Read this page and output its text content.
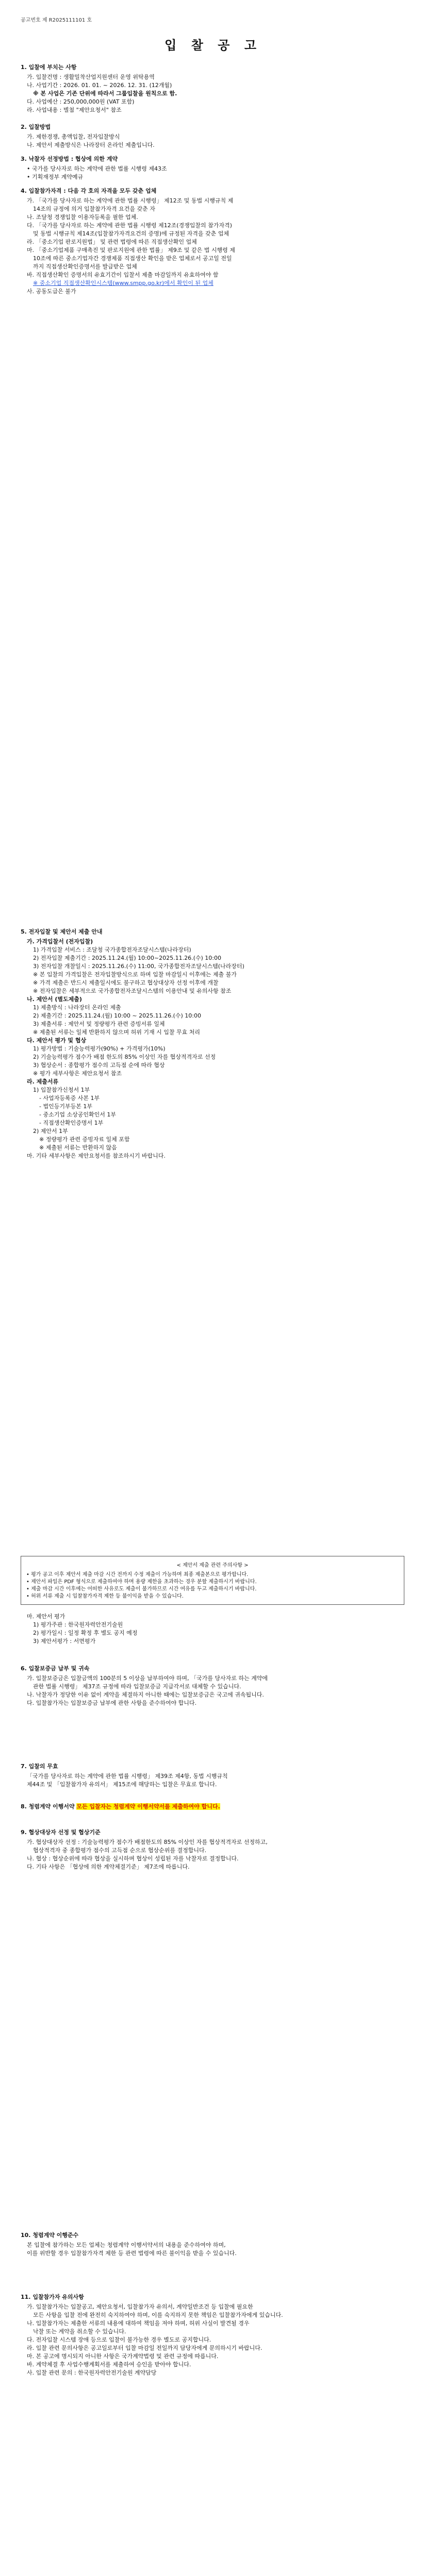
공고번호 제 R2025111101 호
입 찰 공 고

1. 입찰에 부치는 사항

가. 입찰건명 : 생활밀착산업지원센터 운영 위탁용역

나. 사업기간 : 2026. 01. 01. ~ 2026. 12. 31. (12개월)

※ 본 사업은 기존 단위에 따라서 그룹입찰을 원칙으로 함.

다. 사업예산 : 250,000,000원 (VAT 포함)

라. 사업내용 : 별첨 "제안요청서" 참조

2. 입찰방법

가. 제한경쟁, 총액입찰, 전자입찰방식

나. 제안서 제출방식은 나라장터 온라인 제출입니다.

3. 낙찰자 선정방법 : 협상에 의한 계약

• 국가를 당사자로 하는 계약에 관한 법률 시행령 제43조

• 기획재정부 계약예규

4. 입찰참가자격 : 다음 각 호의 자격을 모두 갖춘 업체

가. 「국가를 당사자로 하는 계약에 관한 법률 시행령」 제12조 및 동법 시행규칙 제

14조의 규정에 의거 입찰참가자격 요건을 갖춘 자

나. 조달청 경쟁입찰 이용자등록을 필한 업체.

다. 「국가를 당사자로 하는 계약에 관한 법률 시행령 제12조(경쟁입찰의 참가자격)

및 동법 시행규칙 제14조(입찰참가자격요건의 증명)에 규정된 자격을 갖춘 업체

라. 「중소기업 판로지원법」 및 관련 법령에 따른 직접생산확인 업체

마. 「중소기업제품 구매촉진 및 판로지원에 관한 법률」 제9조 및 같은 법 시행령 제

10조에 따른 중소기업자간 경쟁제품 직접생산 확인을 받은 업체로서 공고일 전일

까지 직접생산확인증명서를 발급받은 업체

바. 직접생산확인 증명서의 유효기간이 입찰서 제출 마감일까지 유효하여야 함

※ 중소기업 직접생산확인시스템(www.smpp.go.kr)에서 확인이 된 업체

사. 공동도급은 불가

5. 전자입찰 및 제안서 제출 안내

가. 가격입찰서 (전자입찰)

1) 가격입찰 서비스 : 조달청 국가종합전자조달시스템(나라장터)

2) 전자입찰 제출기간 : 2025.11.24.(월) 10:00~2025.11.26.(수) 10:00

3) 전자입찰 개찰일시 : 2025.11.26.(수) 11:00, 국가종합전자조달시스템(나라장터)

※ 본 입찰의 가격입찰은 전자입찰방식으로 하며 입찰 마감일시 이후에는 제출 불가

※ 가격 제출은 반드시 제출일시에도 불구하고 협상대상자 선정 이후에 개찰

※ 전자입찰은 세부적으로 국가종합전자조달시스템의 이용안내 및 유의사항 참조

나. 제안서 (별도제출)

1) 제출방식 : 나라장터 온라인 제출

2) 제출기간 : 2025.11.24.(월) 10:00 ~ 2025.11.26.(수) 10:00

3) 제출서류 : 제안서 및 정량평가 관련 증빙서류 일체

※ 제출된 서류는 일체 반환하지 않으며 허위 기재 시 입찰 무효 처리

다. 제안서 평가 및 협상

1) 평가방법 : 기술능력평가(90%) + 가격평가(10%)

2) 기술능력평가 점수가 배점 한도의 85% 이상인 자를 협상적격자로 선정

3) 협상순서 : 종합평가 점수의 고득점 순에 따라 협상

※ 평가 세부사항은 제안요청서 참조

라. 제출서류

1) 입찰참가신청서 1부

- 사업자등록증 사본 1부

- 법인등기부등본 1부

- 중소기업 소상공인확인서 1부

- 직접생산확인증명서 1부

2) 제안서 1부

※ 정량평가 관련 증빙자료 일체 포함

※ 제출된 서류는 반환하지 않음

마. 기타 세부사항은 제안요청서를 참조하시기 바랍니다.

< 제안서 제출 관련 주의사항 >

• 평가 공고 이후 제안서 제출 마감 시간 전까지 수정 제출이 가능하며 최종 제출본으로 평가합니다.

• 제안서 파일은 PDF 형식으로 제출하여야 하며 용량 제한을 초과하는 경우 분할 제출하시기 바랍니다.

• 제출 마감 시간 이후에는 어떠한 사유로도 제출이 불가하므로 시간 여유를 두고 제출하시기 바랍니다.

• 허위 서류 제출 시 입찰참가자격 제한 등 불이익을 받을 수 있습니다.

마. 제안서 평가

1) 평가주관 : 한국원자력안전기술원

2) 평가일시 : 일정 확정 후 별도 공지 예정

3) 제안서평가 : 서면평가

6. 입찰보증금 납부 및 귀속

가. 입찰보증금은 입찰금액의 100분의 5 이상을 납부하여야 하며, 「국가를 당사자로 하는 계약에

관한 법률 시행령」 제37조 규정에 따라 입찰보증금 지급각서로 대체할 수 있습니다.

나. 낙찰자가 정당한 이유 없이 계약을 체결하지 아니한 때에는 입찰보증금은 국고에 귀속됩니다.

다. 입찰참가자는 입찰보증금 납부에 관한 사항을 준수하여야 합니다.

7. 입찰의 무효

「국가를 당사자로 하는 계약에 관한 법률 시행령」 제39조 제4항, 동법 시행규칙

제44조 및 「입찰참가자 유의서」 제15조에 해당하는 입찰은 무효로 합니다.

8. 청렴계약 이행서약 모든 입찰자는 청렴계약 이행서약서를 제출하여야 합니다.

9. 협상대상자 선정 및 협상기준

가. 협상대상자 선정 : 기술능력평가 점수가 배점한도의 85% 이상인 자를 협상적격자로 선정하고,

협상적격자 중 종합평가 점수의 고득점 순으로 협상순위를 결정합니다.

나. 협상 : 협상순위에 따라 협상을 실시하며 협상이 성립된 자를 낙찰자로 결정합니다.

다. 기타 사항은 「협상에 의한 계약체결기준」 제7조에 따릅니다.

10. 청렴계약 이행준수

본 입찰에 참가하는 모든 업체는 청렴계약 이행서약서의 내용을 준수하여야 하며,

이를 위반할 경우 입찰참가자격 제한 등 관련 법령에 따른 불이익을 받을 수 있습니다.

11. 입찰참가자 유의사항

가. 입찰참가자는 입찰공고, 제안요청서, 입찰참가자 유의서, 계약일반조건 등 입찰에 필요한

모든 사항을 입찰 전에 완전히 숙지하여야 하며, 이를 숙지하지 못한 책임은 입찰참가자에게 있습니다.

나. 입찰참가자는 제출한 서류의 내용에 대하여 책임을 져야 하며, 허위 사실이 발견될 경우

낙찰 또는 계약을 취소할 수 있습니다.

다. 전자입찰 시스템 장애 등으로 입찰이 불가능한 경우 별도로 공지합니다.

라. 입찰 관련 문의사항은 공고일로부터 입찰 마감일 전일까지 담당자에게 문의하시기 바랍니다.

마. 본 공고에 명시되지 아니한 사항은 국가계약법령 및 관련 규정에 따릅니다.

바. 계약체결 후 사업수행계획서를 제출하여 승인을 받아야 합니다.

사. 입찰 관련 문의 : 한국원자력안전기술원 계약담당
